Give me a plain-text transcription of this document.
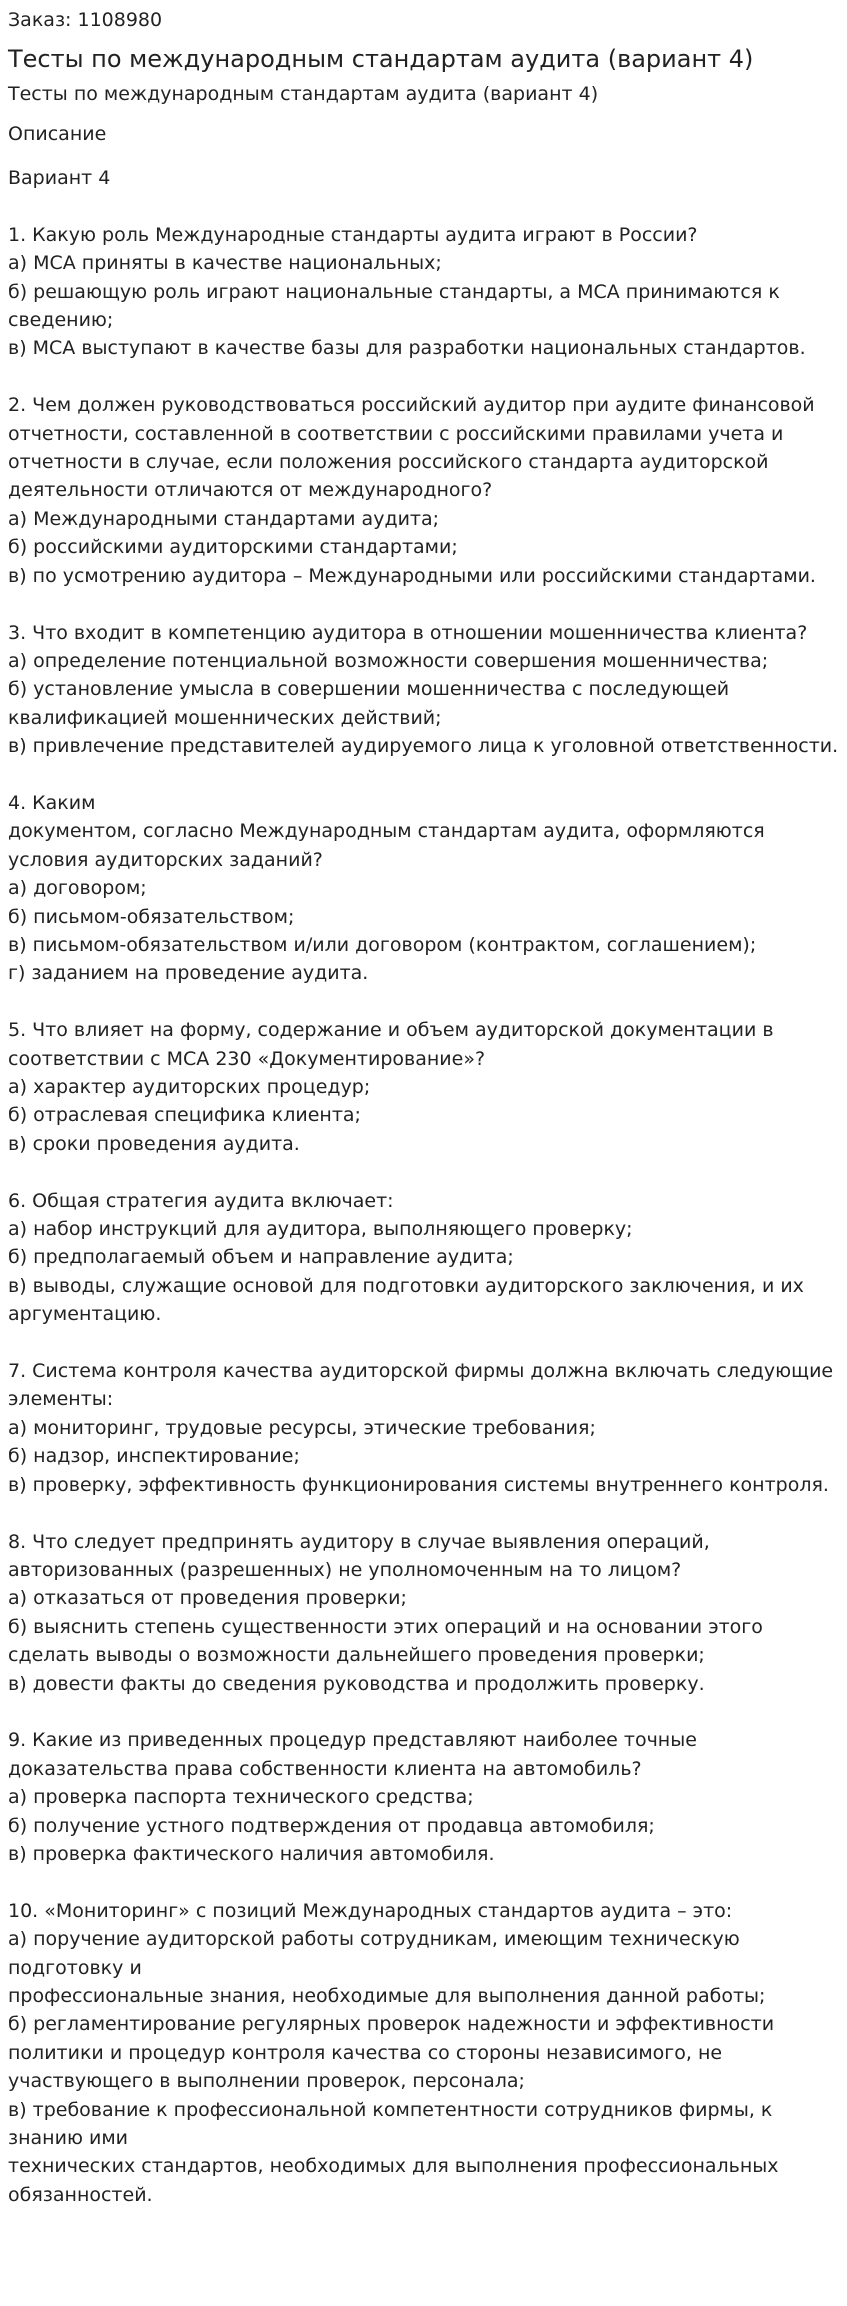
Заказ: 1108980

Тесты по международным стандартам аудита (вариант 4)

Тесты по международным стандартам аудита (вариант 4)

Описание

Вариант 4

1. Какую роль Международные стандарты аудита играют в России?
а) МСА приняты в качестве национальных;
б) решающую роль играют национальные стандарты, а МСА принимаются к
сведению;
в) МСА выступают в качестве базы для разработки национальных стандартов.

2. Чем должен руководствоваться российский аудитор при аудите финансовой
отчетности, составленной в соответствии с российскими правилами учета и
отчетности в случае, если положения российского стандарта аудиторской
деятельности отличаются от международного?
а) Международными стандартами аудита;
б) российскими аудиторскими стандартами;
в) по усмотрению аудитора – Международными или российскими стандартами.

3. Что входит в компетенцию аудитора в отношении мошенничества клиента?
а) определение потенциальной возможности совершения мошенничества;
б) установление умысла в совершении мошенничества с последующей
квалификацией мошеннических действий;
в) привлечение представителей аудируемого лица к уголовной ответственности.

4. Каким
документом, согласно Международным стандартам аудита, оформляются
условия аудиторских заданий?
а) договором;
б) письмом-обязательством;
в) письмом-обязательством и/или договором (контрактом, соглашением);
г) заданием на проведение аудита.

5. Что влияет на форму, содержание и объем аудиторской документации в
соответствии с МСА 230 «Документирование»?
а) характер аудиторских процедур;
б) отраслевая специфика клиента;
в) сроки проведения аудита.

6. Общая стратегия аудита включает:
а) набор инструкций для аудитора, выполняющего проверку;
б) предполагаемый объем и направление аудита;
в) выводы, служащие основой для подготовки аудиторского заключения, и их
аргументацию.

7. Система контроля качества аудиторской фирмы должна включать следующие
элементы:
а) мониторинг, трудовые ресурсы, этические требования;
б) надзор, инспектирование;
в) проверку, эффективность функционирования системы внутреннего контроля.

8. Что следует предпринять аудитору в случае выявления операций,
авторизованных (разрешенных) не уполномоченным на то лицом?
а) отказаться от проведения проверки;
б) выяснить степень существенности этих операций и на основании этого
сделать выводы о возможности дальнейшего проведения проверки;
в) довести факты до сведения руководства и продолжить проверку.

9. Какие из приведенных процедур представляют наиболее точные
доказательства права собственности клиента на автомобиль?
а) проверка паспорта технического средства;
б) получение устного подтверждения от продавца автомобиля;
в) проверка фактического наличия автомобиля.

10. «Мониторинг» с позиций Международных стандартов аудита – это:
а) поручение аудиторской работы сотрудникам, имеющим техническую
подготовку и
профессиональные знания, необходимые для выполнения данной работы;
б) регламентирование регулярных проверок надежности и эффективности
политики и процедур контроля качества со стороны независимого, не
участвующего в выполнении проверок, персонала;
в) требование к профессиональной компетентности сотрудников фирмы, к
знанию ими
технических стандартов, необходимых для выполнения профессиональных
обязанностей.
